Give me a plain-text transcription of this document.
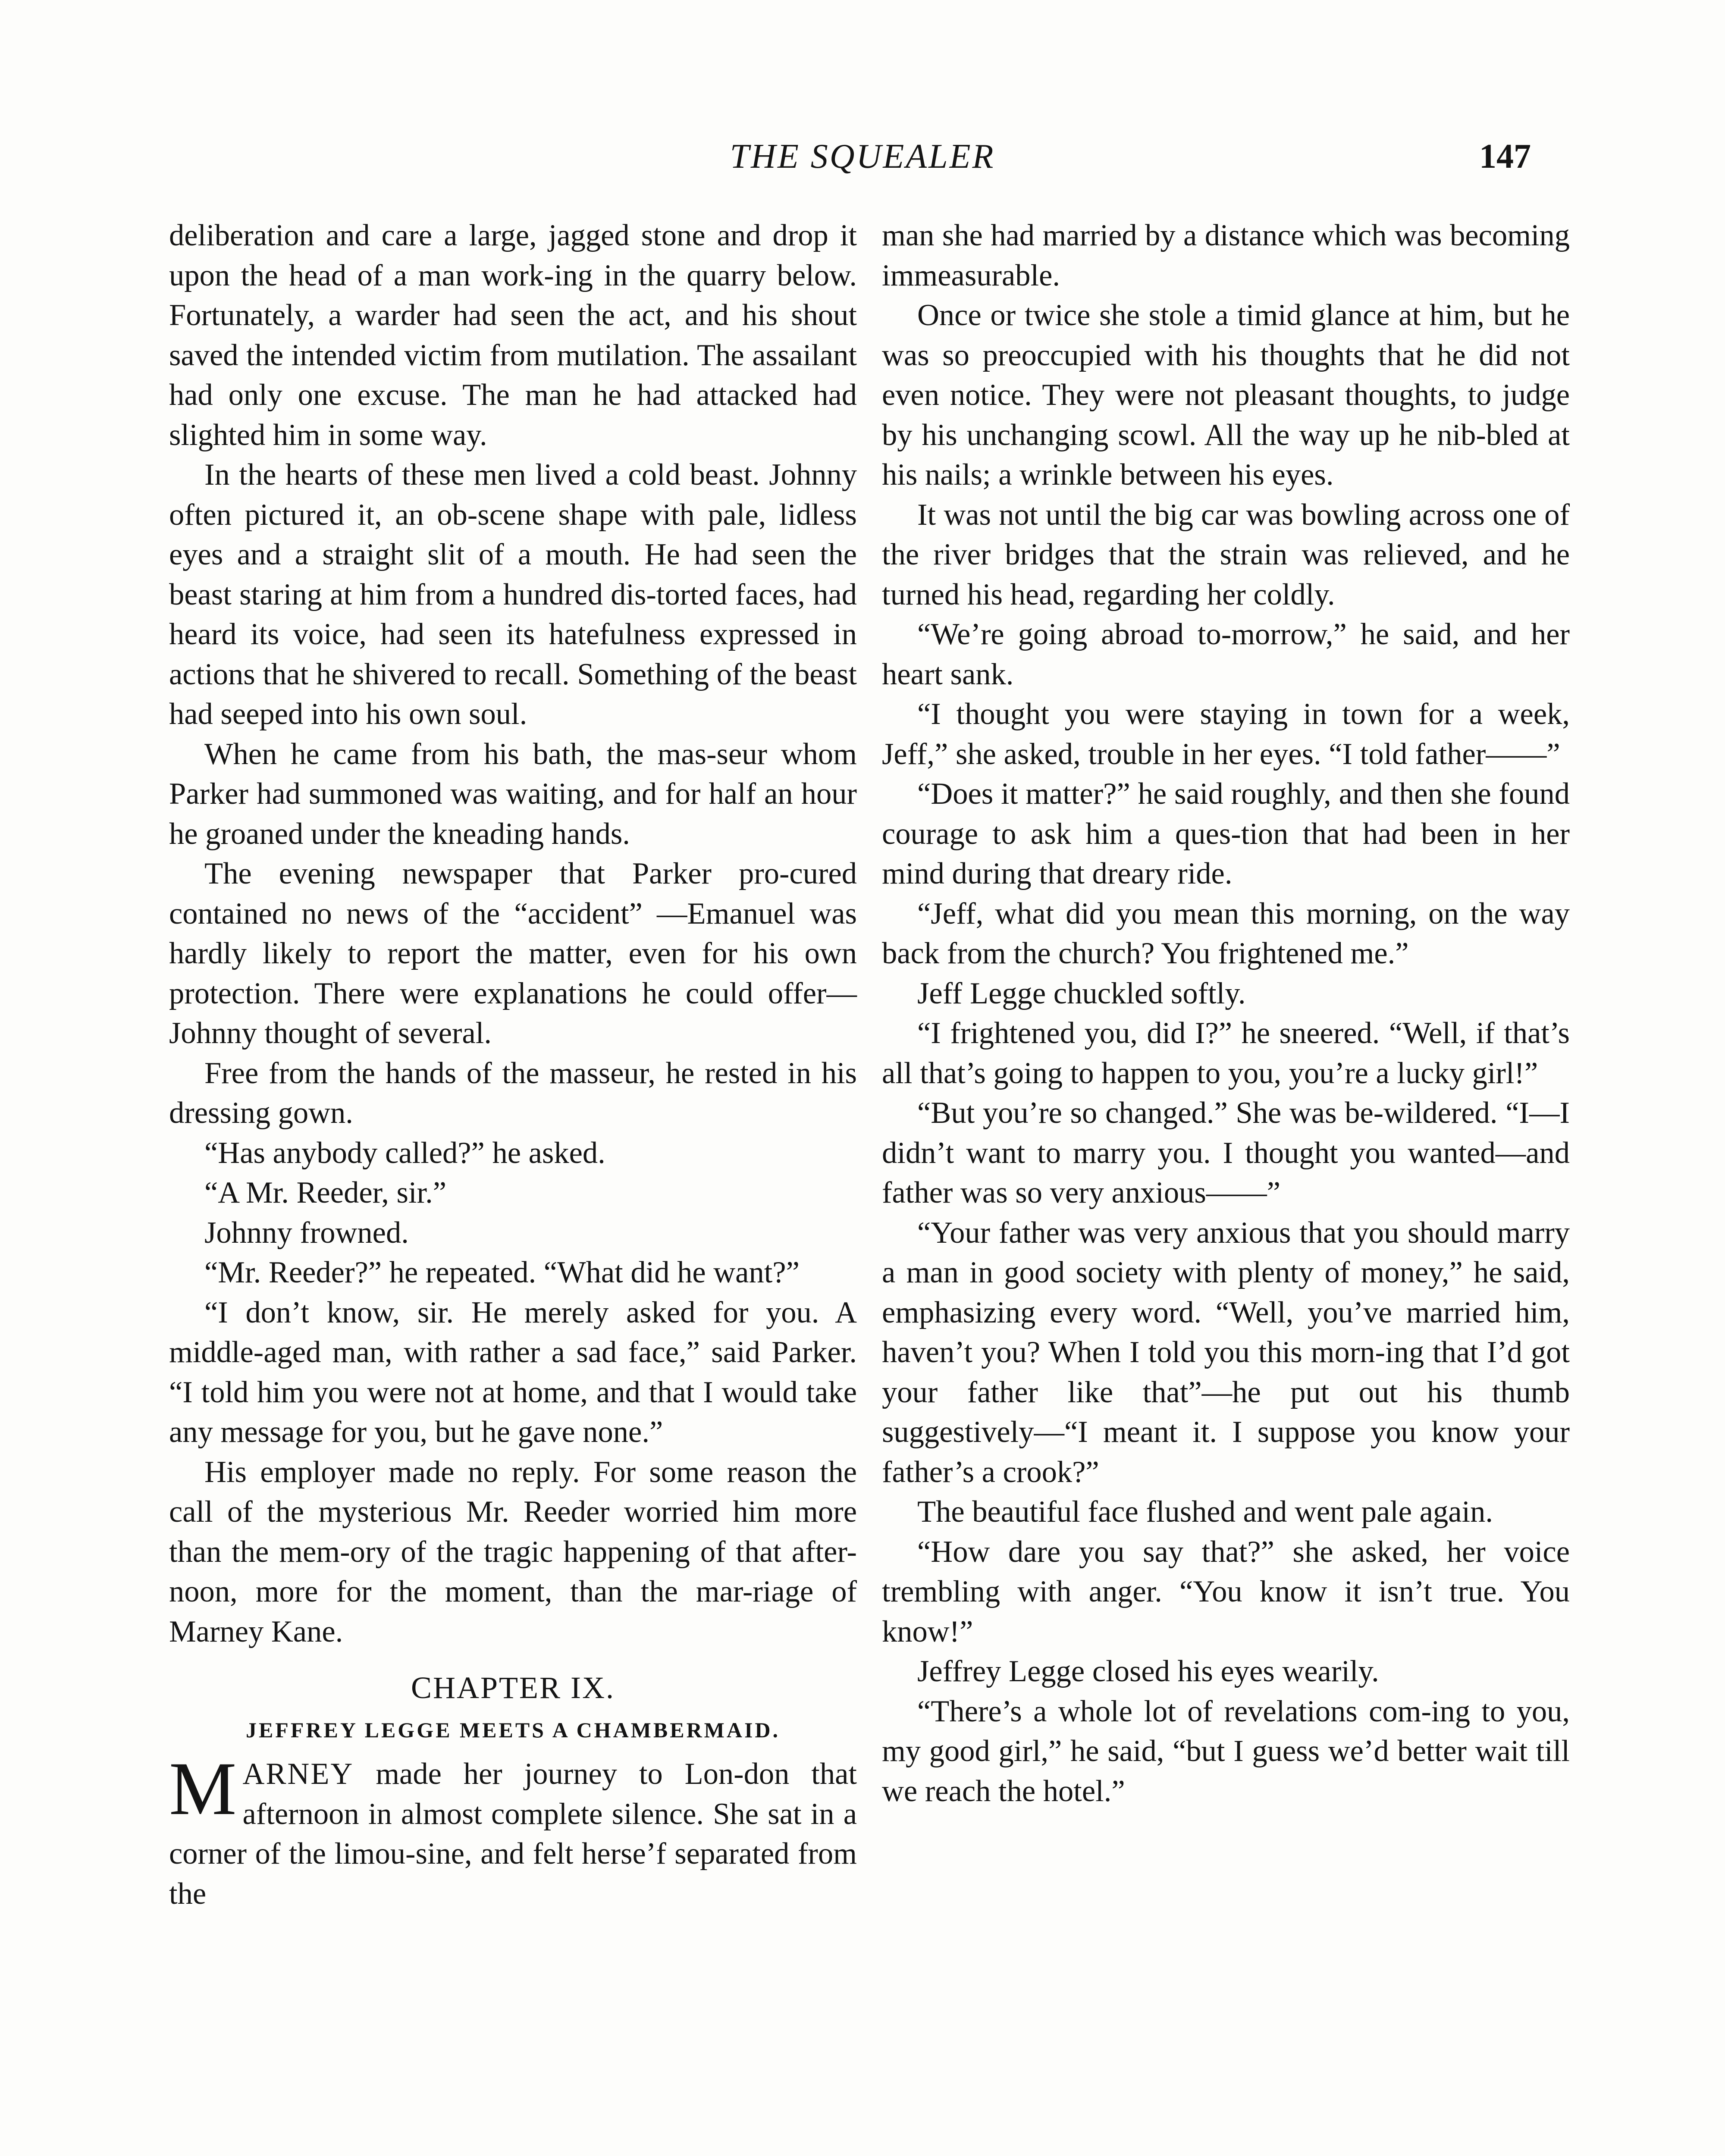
THE SQUEALER	147

deliberation and care a large, jagged stone and drop it upon the head of a man work-ing in the quarry below. Fortunately, a warder had seen the act, and his shout saved the intended victim from mutilation. The assailant had only one excuse. The man he had attacked had slighted him in some way.

In the hearts of these men lived a cold beast. Johnny often pictured it, an ob-scene shape with pale, lidless eyes and a straight slit of a mouth. He had seen the beast staring at him from a hundred dis-torted faces, had heard its voice, had seen its hatefulness expressed in actions that he shivered to recall. Something of the beast had seeped into his own soul.

When he came from his bath, the mas-seur whom Parker had summoned was waiting, and for half an hour he groaned under the kneading hands.

The evening newspaper that Parker pro-cured contained no news of the “accident” —Emanuel was hardly likely to report the matter, even for his own protection. There were explanations he could offer—Johnny thought of several.

Free from the hands of the masseur, he rested in his dressing gown.

“Has anybody called?” he asked.

“A Mr. Reeder, sir.”

Johnny frowned.

“Mr. Reeder?” he repeated. “What did he want?”

“I don’t know, sir. He merely asked for you. A middle-aged man, with rather a sad face,” said Parker. “I told him you were not at home, and that I would take any message for you, but he gave none.”

His employer made no reply. For some reason the call of the mysterious Mr. Reeder worried him more than the mem-ory of the tragic happening of that after-noon, more for the moment, than the mar-riage of Marney Kane.

CHAPTER IX.
JEFFREY LEGGE MEETS A CHAMBERMAID.

MARNEY made her journey to Lon-don that afternoon in almost complete silence. She sat in a corner of the limou-sine, and felt herse’f separated from the

man she had married by a distance which was becoming immeasurable.

Once or twice she stole a timid glance at him, but he was so preoccupied with his thoughts that he did not even notice. They were not pleasant thoughts, to judge by his unchanging scowl. All the way up he nib-bled at his nails; a wrinkle between his eyes.

It was not until the big car was bowling across one of the river bridges that the strain was relieved, and he turned his head, regarding her coldly.

“We’re going abroad to-morrow,” he said, and her heart sank.

“I thought you were staying in town for a week, Jeff,” she asked, trouble in her eyes. “I told father——”

“Does it matter?” he said roughly, and then she found courage to ask him a ques-tion that had been in her mind during that dreary ride.

“Jeff, what did you mean this morning, on the way back from the church? You frightened me.”

Jeff Legge chuckled softly.

“I frightened you, did I?” he sneered. “Well, if that’s all that’s going to happen to you, you’re a lucky girl!”

“But you’re so changed.” She was be-wildered. “I—I didn’t want to marry you. I thought you wanted—and father was so very anxious——”

“Your father was very anxious that you should marry a man in good society with plenty of money,” he said, emphasizing every word. “Well, you’ve married him, haven’t you? When I told you this morn-ing that I’d got your father like that”—he put out his thumb suggestively—“I meant it. I suppose you know your father’s a crook?”

The beautiful face flushed and went pale again.

“How dare you say that?” she asked, her voice trembling with anger. “You know it isn’t true. You know!”

Jeffrey Legge closed his eyes wearily.

“There’s a whole lot of revelations com-ing to you, my good girl,” he said, “but I guess we’d better wait till we reach the hotel.”
